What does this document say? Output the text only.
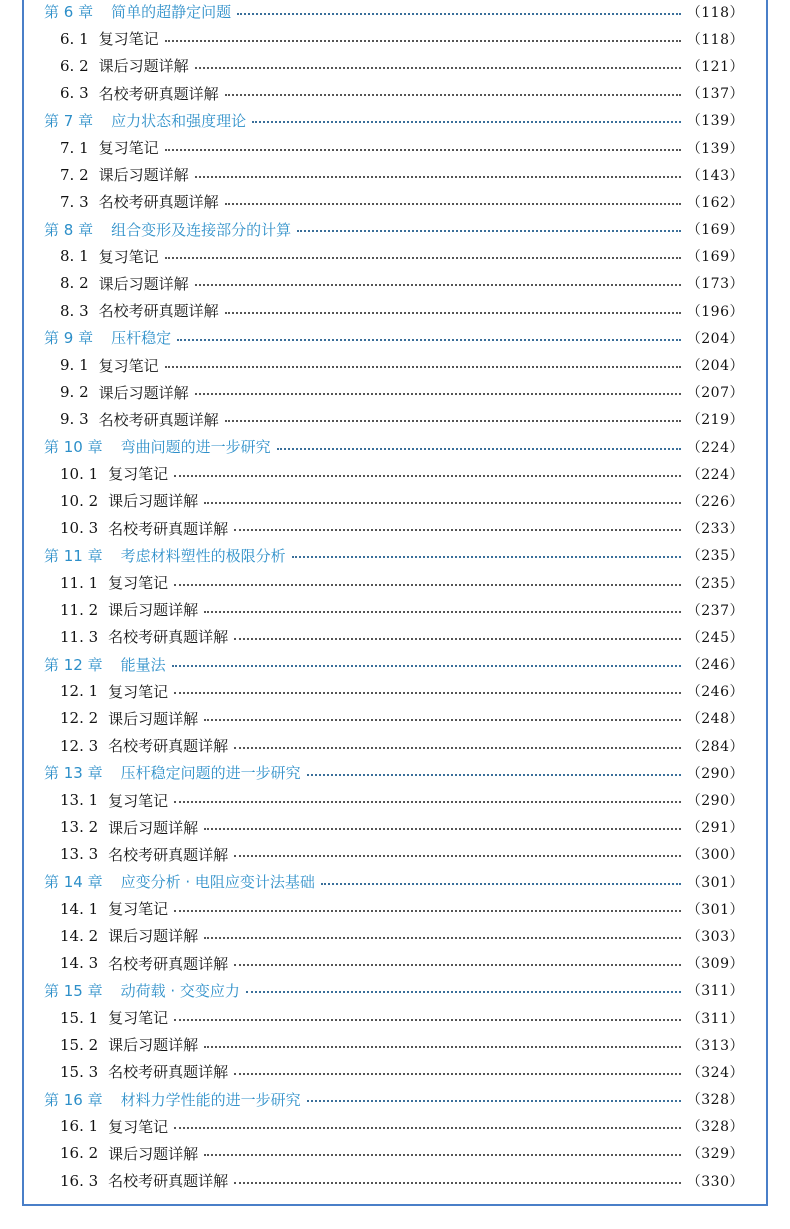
第 6 章 简单的超静定问题	（118）
6. 1 复习笔记	（118）
6. 2 课后习题详解	（121）
6. 3 名校考研真题详解	（137）
第 7 章 应力状态和强度理论	（139）
7. 1 复习笔记	（139）
7. 2 课后习题详解	（143）
7. 3 名校考研真题详解	（162）
第 8 章 组合变形及连接部分的计算	（169）
8. 1 复习笔记	（169）
8. 2 课后习题详解	（173）
8. 3 名校考研真题详解	（196）
第 9 章 压杆稳定	（204）
9. 1 复习笔记	（204）
9. 2 课后习题详解	（207）
9. 3 名校考研真题详解	（219）
第 10 章 弯曲问题的进一步研究	（224）
10. 1 复习笔记	（224）
10. 2 课后习题详解	（226）
10. 3 名校考研真题详解	（233）
第 11 章 考虑材料塑性的极限分析	（235）
11. 1 复习笔记	（235）
11. 2 课后习题详解	（237）
11. 3 名校考研真题详解	（245）
第 12 章 能量法	（246）
12. 1 复习笔记	（246）
12. 2 课后习题详解	（248）
12. 3 名校考研真题详解	（284）
第 13 章 压杆稳定问题的进一步研究	（290）
13. 1 复习笔记	（290）
13. 2 课后习题详解	（291）
13. 3 名校考研真题详解	（300）
第 14 章 应变分析 · 电阻应变计法基础	（301）
14. 1 复习笔记	（301）
14. 2 课后习题详解	（303）
14. 3 名校考研真题详解	（309）
第 15 章 动荷载 · 交变应力	（311）
15. 1 复习笔记	（311）
15. 2 课后习题详解	（313）
15. 3 名校考研真题详解	（324）
第 16 章 材料力学性能的进一步研究	（328）
16. 1 复习笔记	（328）
16. 2 课后习题详解	（329）
16. 3 名校考研真题详解	（330）
